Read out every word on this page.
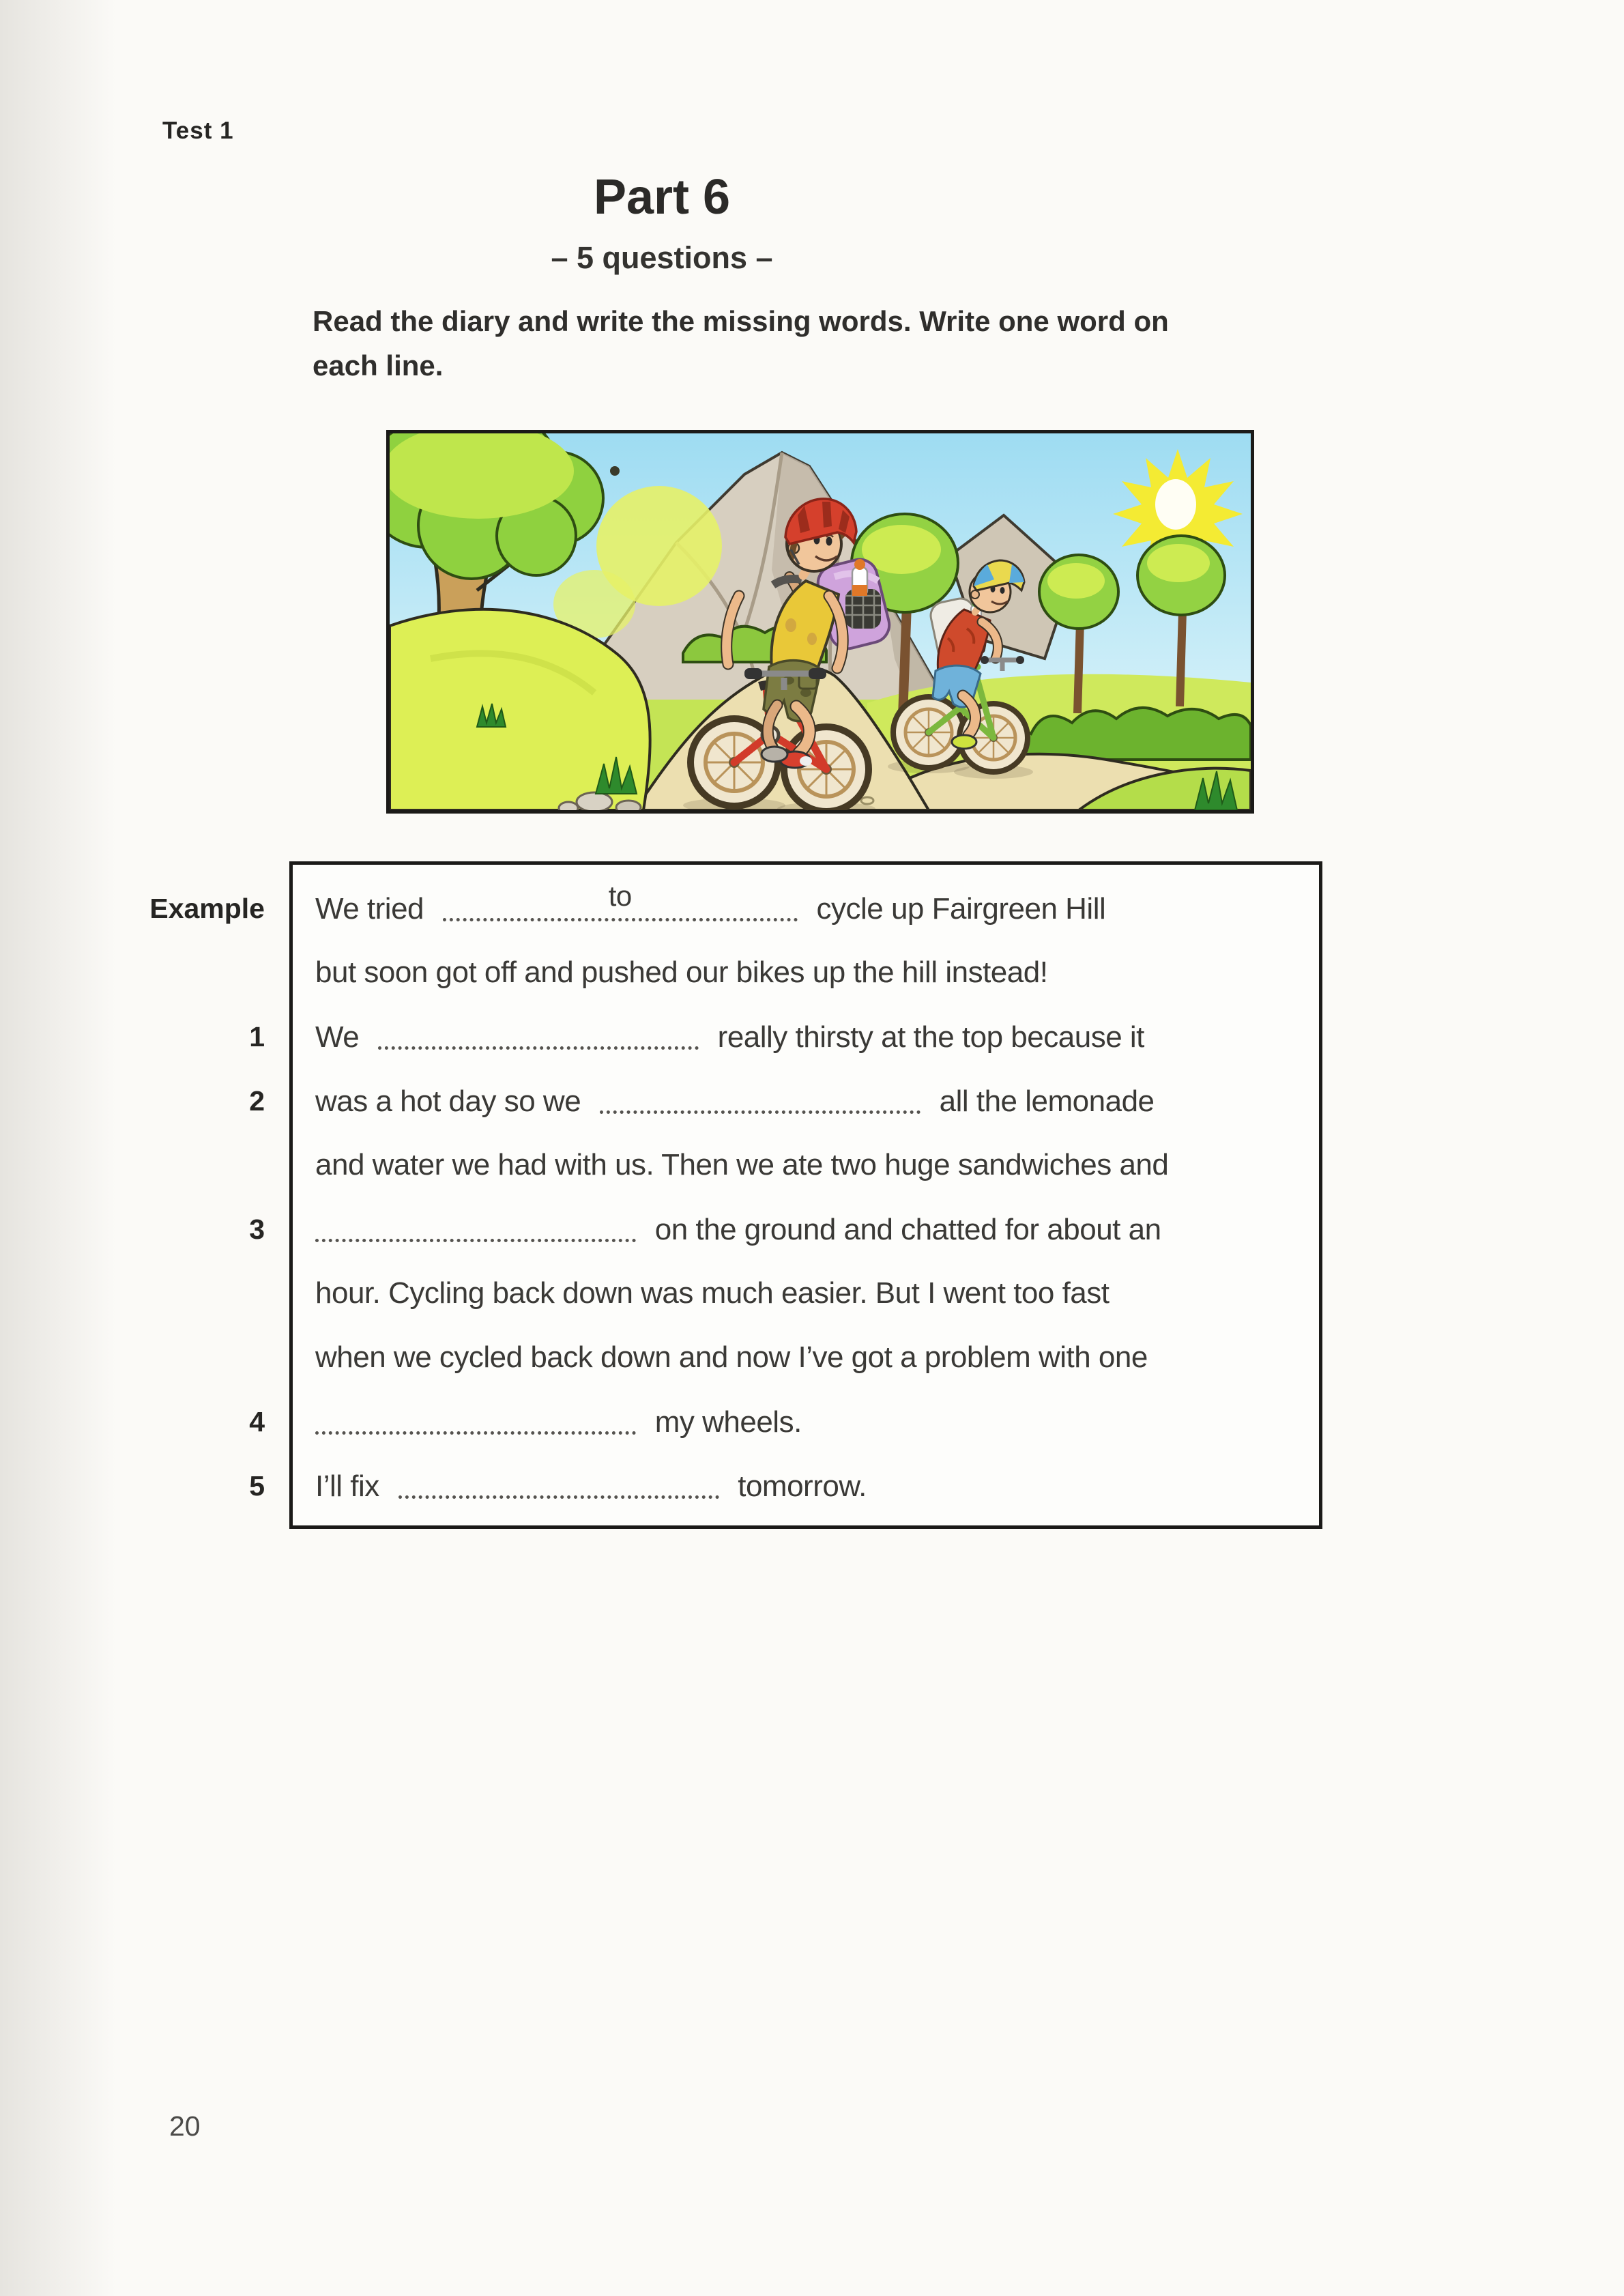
Test 1
Part 6
– 5 questions –
Read the diary and write the missing words. Write one word on
each line.
Example	We tried	to	cycle up Fairgreen Hill
but soon got off and pushed our bikes up the hill instead!
1	We	really thirsty at the top because it
2	was a hot day so we	all the lemonade
and water we had with us. Then we ate two huge sandwiches and
3	on the ground and chatted for about an
hour. Cycling back down was much easier. But I went too fast
when we cycled back down and now I’ve got a problem with one
4	my wheels.
5	I’ll fix	tomorrow.
20
